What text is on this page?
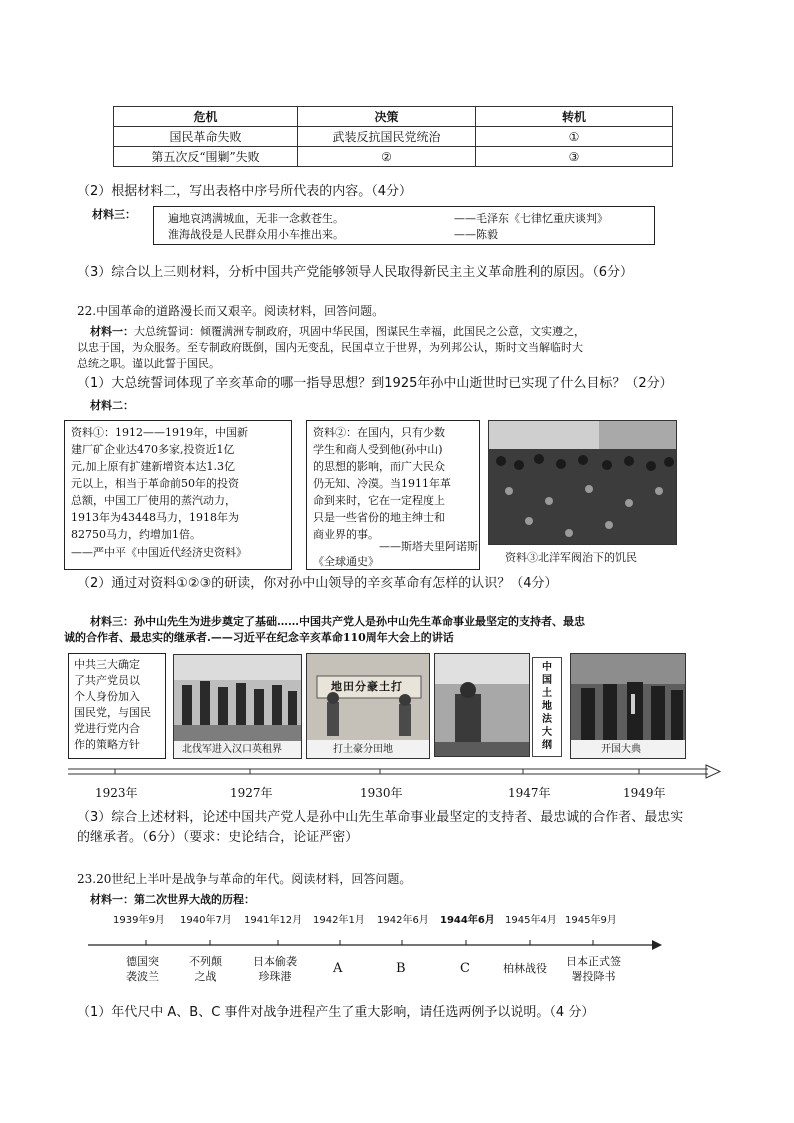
危机	决策	转机
国民革命失败	武装反抗国民党统治	①
第五次反“围剿”失败	②	③
（2）根据材料二，写出表格中序号所代表的内容。（4分）
材料三：	遍地哀鸿满城血，无非一念救苍生。	——毛泽东《七律忆重庆谈判》
淮海战役是人民群众用小车推出来。	——陈毅
（3）综合以上三则材料，分析中国共产党能够领导人民取得新民主主义革命胜利的原因。（6分）
22.中国革命的道路漫长而又艰辛。阅读材料，回答问题。
材料一：大总统誓词：倾覆满洲专制政府，巩固中华民国，图谋民生幸福，此国民之公意，文实遵之，
以忠于国，为众服务。至专制政府既倒，国内无变乱，民国卓立于世界，为列邦公认，斯时文当解临时大
总统之职。谨以此誓于国民。
（1）大总统誓词体现了辛亥革命的哪一指导思想？到1925年孙中山逝世时已实现了什么目标？（2分）
材料二：
资料①：1912——1919年，中国新
建厂矿企业达470多家,投资近1亿
元,加上原有扩建新增资本达1.3亿
元以上，相当于革命前50年的投资
总额，中国工厂使用的蒸汽动力，
1913年为43448马力，1918年为
82750马力，约增加1倍。
——严中平《中国近代经济史资料》
资料②：在国内，只有少数
学生和商人受到他(孙中山)
的思想的影响，而广大民众
仍无知、冷漠。当1911年革
命到来时，它在一定程度上
只是一些省份的地主绅士和
商业界的事。
——斯塔夫里阿诺斯
《全球通史》	资料③北洋军阀治下的饥民
（2）通过对资料①②③的研读，你对孙中山领导的辛亥革命有怎样的认识？（4分）
材料三：孙中山先生为进步奠定了基础……中国共产党人是孙中山先生革命事业最坚定的支持者、最忠
诚的合作者、最忠实的继承者.——习近平在纪念辛亥革命110周年大会上的讲话
中共三大确定
了共产党员以
个人身份加入
国民党，与国民
党进行党内合
作的策略方针	北伐军进入汉口英租界
地田分豪土打
打土豪分田地
中
国
土
地
法
大
纲	开国大典
1923年	1927年	1930年	1947年	1949年
（3）综合上述材料，论述中国共产党人是孙中山先生革命事业最坚定的支持者、最忠诚的合作者、最忠实
的继承者。（6分）（要求：史论结合，论证严密）
23.20世纪上半叶是战争与革命的年代。阅读材料，回答问题。
材料一：第二次世界大战的历程：
1939年9月 1940年7月 1941年12月 1942年1月 1942年6月 1944年6月 1945年4月 1945年9月
德国突
袭波兰
不列颠
之战
日本偷袭
珍珠港
A	B	C	柏林战役
日本正式签
署投降书
（1）年代尺中 A、B、C 事件对战争进程产生了重大影响，请任选两例予以说明。（4 分）
